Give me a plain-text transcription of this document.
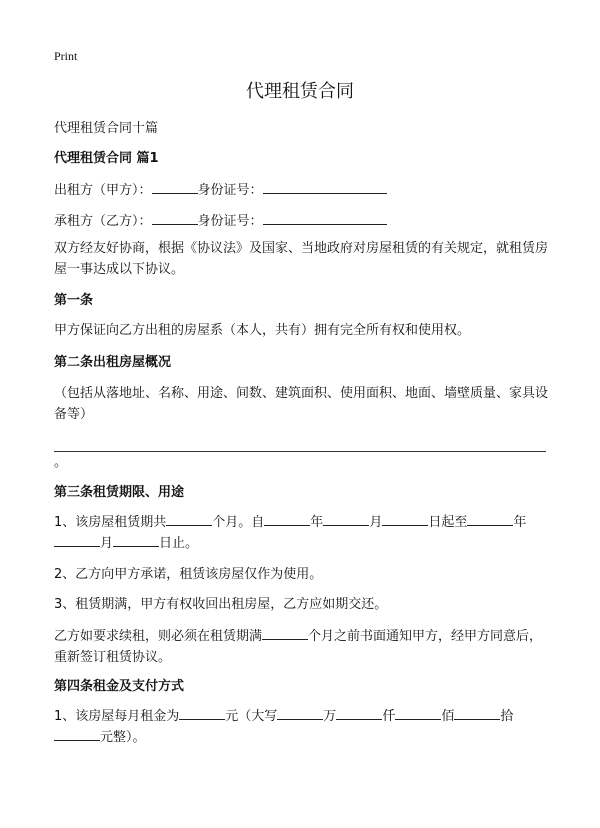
Print
代理租赁合同
代理租赁合同十篇
代理租赁合同 篇1
出租方（甲方）：	身份证号：
承租方（乙方）：	身份证号：
双方经友好协商，根据《协议法》及国家、当地政府对房屋租赁的有关规定，就租赁房屋一事达成以下协议。
第一条
甲方保证向乙方出租的房屋系（本人，共有）拥有完全所有权和使用权。
第二条出租房屋概况
（包括从落地址、名称、用途、间数、建筑面积、使用面积、地面、墙壁质量、家具设备等）
。
第三条租赁期限、用途
1、该房屋租赁期共	个月。自	年	月	日起至	年
月	日止。
2、乙方向甲方承诺，租赁该房屋仅作为使用。
3、租赁期满，甲方有权收回出租房屋，乙方应如期交还。
乙方如要求续租，则必须在租赁期满	个月之前书面通知甲方，经甲方同意后，重新签订租赁协议。
第四条租金及支付方式
1、该房屋每月租金为	元（大写	万	仟	佰	拾
元整）。
